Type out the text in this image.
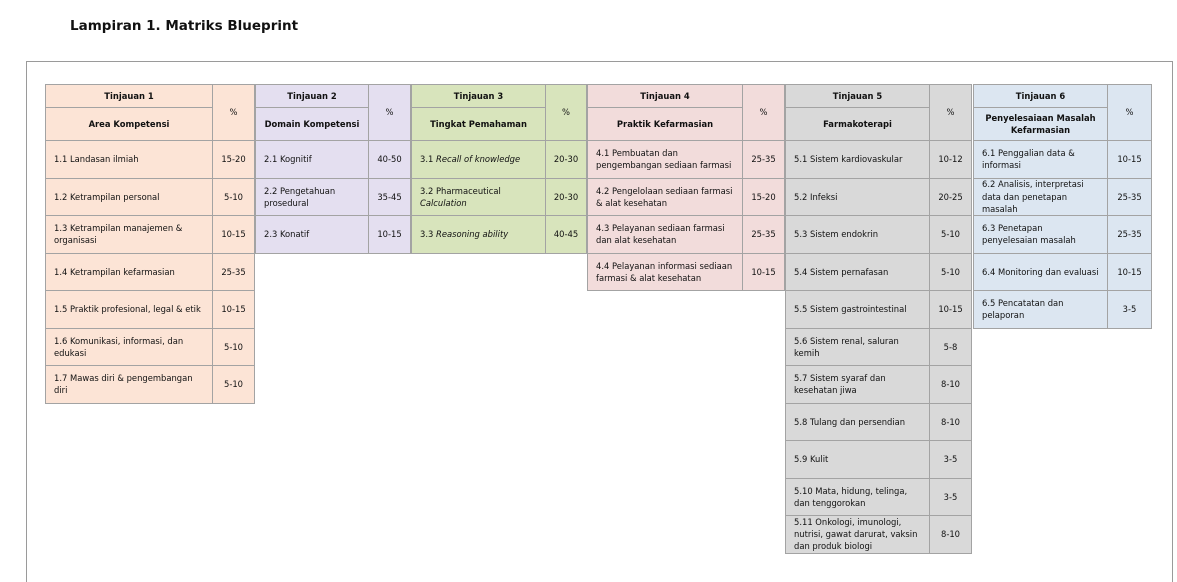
Lampiran 1. Matriks Blueprint
Tinjauan 1
Area Kompetensi
%
1.1 Landasan ilmiah	15-20
1.2 Ketrampilan personal	5-10
1.3 Ketrampilan manajemen & organisasi
10-15
1.4 Ketrampilan kefarmasian	25-35
1.5 Praktik profesional, legal & etik	10-15
1.6 Komunikasi, informasi, dan edukasi
5-10
1.7 Mawas diri & pengembangan diri
5-10
Tinjauan 2
Domain Kompetensi
%
2.1 Kognitif	40-50
2.2 Pengetahuan prosedural
35-45
2.3 Konatif	10-15
Tinjauan 3
Tingkat Pemahaman
%
3.1 Recall of knowledge	20-30
3.2 Pharmaceutical Calculation
20-30
3.3 Reasoning ability	40-45
Tinjauan 4
Praktik Kefarmasian
%
4.1 Pembuatan dan pengembangan sediaan farmasi
25-35
4.2 Pengelolaan sediaan farmasi & alat kesehatan
15-20
4.3 Pelayanan sediaan farmasi dan alat kesehatan
25-35
4.4 Pelayanan informasi sediaan farmasi & alat kesehatan
10-15
Tinjauan 5
Farmakoterapi
%
5.1 Sistem kardiovaskular	10-12
5.2 Infeksi	20-25
5.3 Sistem endokrin	5-10
5.4 Sistem pernafasan	5-10
5.5 Sistem gastrointestinal	10-15
5.6 Sistem renal, saluran kemih
5-8
5.7 Sistem syaraf dan kesehatan jiwa
8-10
5.8 Tulang dan persendian	8-10
5.9 Kulit	3-5
5.10 Mata, hidung, telinga, dan tenggorokan
3-5
5.11 Onkologi, imunologi, nutrisi, gawat darurat, vaksin dan produk biologi
8-10
Tinjauan 6
Penyelesaiaan Masalah Kefarmasian
%
6.1 Penggalian data & informasi
10-15
6.2 Analisis, interpretasi data dan penetapan masalah
25-35
6.3 Penetapan penyelesaian masalah
25-35
6.4 Monitoring dan evaluasi	10-15
6.5 Pencatatan dan pelaporan
3-5
